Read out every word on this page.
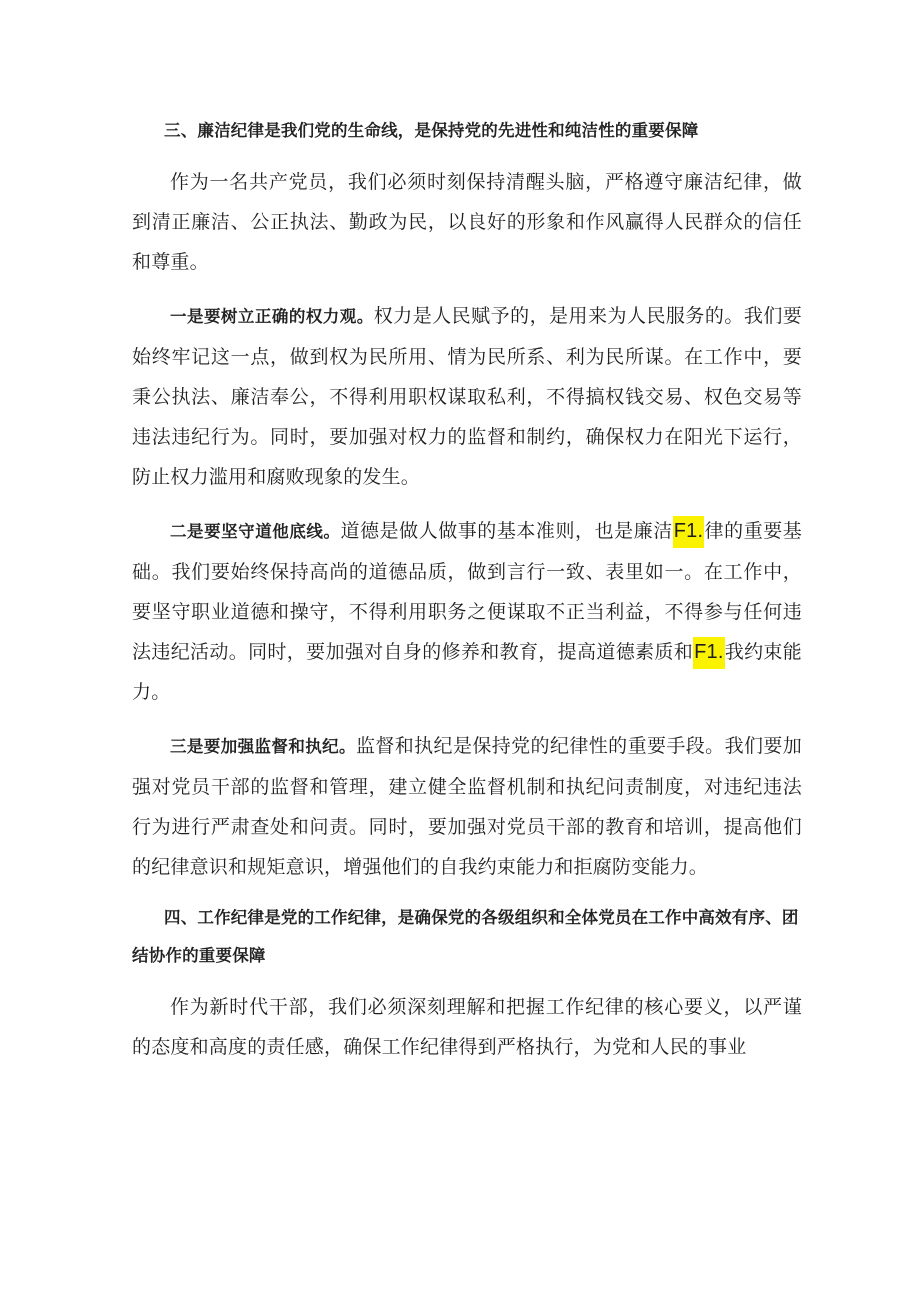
三、廉洁纪律是我们党的生命线，是保持党的先进性和纯洁性的重要保障

作为一名共产党员，我们必须时刻保持清醒头脑，严格遵守廉洁纪律，做到清正廉洁、公正执法、勤政为民，以良好的形象和作风赢得人民群众的信任和尊重。

一是要树立正确的权力观。权力是人民赋予的，是用来为人民服务的。我们要始终牢记这一点，做到权为民所用、情为民所系、利为民所谋。在工作中，要秉公执法、廉洁奉公，不得利用职权谋取私利，不得搞权钱交易、权色交易等违法违纪行为。同时，要加强对权力的监督和制约，确保权力在阳光下运行，防止权力滥用和腐败现象的发生。

二是要坚守道他底线。道德是做人做事的基本准则，也是廉洁F1.律的重要基础。我们要始终保持高尚的道德品质，做到言行一致、表里如一。在工作中，要坚守职业道德和操守，不得利用职务之便谋取不正当利益，不得参与任何违法违纪活动。同时，要加强对自身的修养和教育，提高道德素质和F1.我约束能力。

三是要加强监督和执纪。监督和执纪是保持党的纪律性的重要手段。我们要加强对党员干部的监督和管理，建立健全监督机制和执纪问责制度，对违纪违法行为进行严肃查处和问责。同时，要加强对党员干部的教育和培训，提高他们的纪律意识和规矩意识，增强他们的自我约束能力和拒腐防变能力。

四、工作纪律是党的工作纪律，是确保党的各级组织和全体党员在工作中高效有序、团结协作的重要保障

作为新时代干部，我们必须深刻理解和把握工作纪律的核心要义，以严谨的态度和高度的责任感，确保工作纪律得到严格执行，为党和人民的事业
